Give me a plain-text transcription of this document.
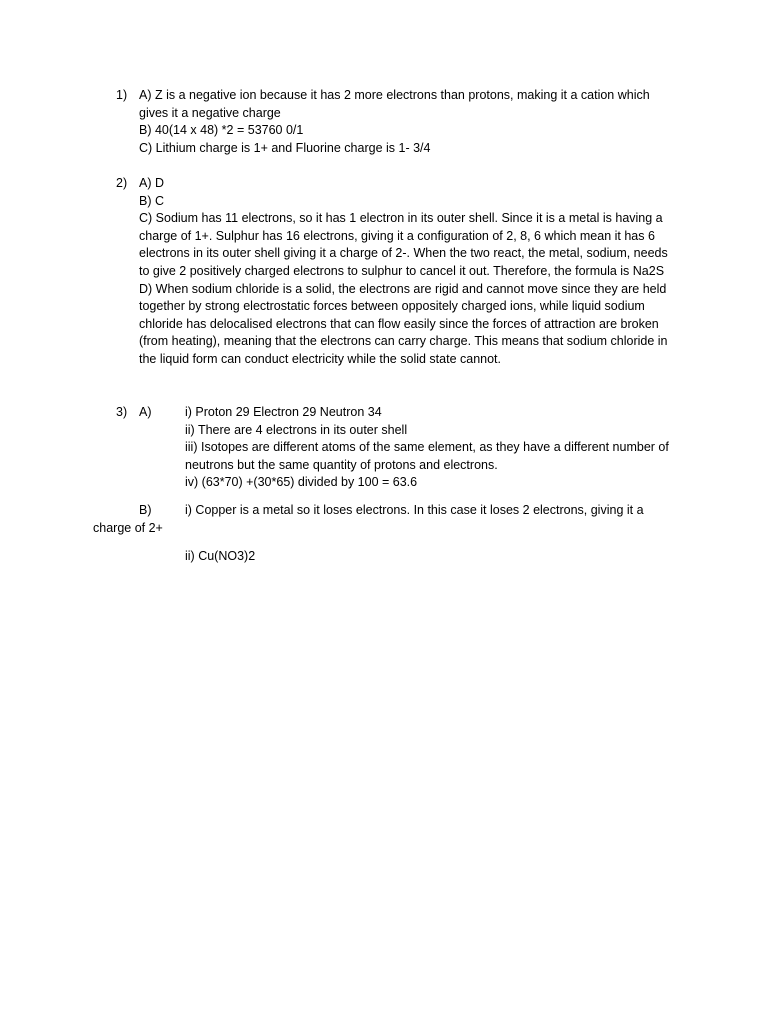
1) A) Z is a negative ion because it has 2 more electrons than protons, making it a cation which
gives it a negative charge
B) 40(14 x 48) *2 = 53760 0/1
C) Lithium charge is 1+ and Fluorine charge is 1- 3/4
2) A) D
B) C
C) Sodium has 11 electrons, so it has 1 electron in its outer shell. Since it is a metal is having a charge of 1+. Sulphur has 16 electrons, giving it a configuration of 2, 8, 6 which mean it has 6 electrons in its outer shell giving it a charge of 2-. When the two react, the metal, sodium, needs to give 2 positively charged electrons to sulphur to cancel it out. Therefore, the formula is Na2S
D) When sodium chloride is a solid, the electrons are rigid and cannot move since they are held together by strong electrostatic forces between oppositely charged ions, while liquid sodium chloride has delocalised electrons that can flow easily since the forces of attraction are broken (from heating), meaning that the electrons can carry charge. This means that sodium chloride in the liquid form can conduct electricity while the solid state cannot.
3) A)	i) Proton 29 Electron 29 Neutron 34
ii) There are 4 electrons in its outer shell
iii) Isotopes are different atoms of the same element, as they have a different number of neutrons but the same quantity of protons and electrons.
iv) (63*70) +(30*65) divided by 100 = 63.6
B)	i) Copper is a metal so it loses electrons. In this case it loses 2 electrons, giving it a
charge of 2+
ii) Cu(NO3)2
